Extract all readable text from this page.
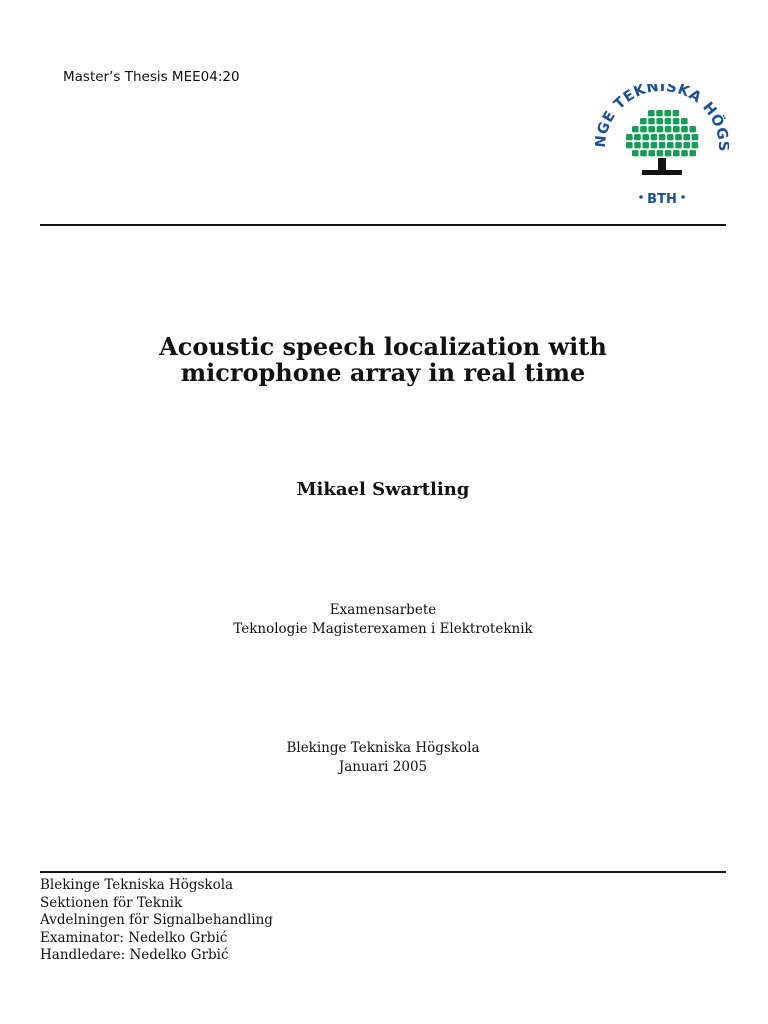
Master’s Thesis MEE04:20
GE TEKNISKA HÖG
BTH
Acoustic speech localization with
microphone array in real time
Mikael Swartling
Examensarbete
Teknologie Magisterexamen i Elektroteknik
Blekinge Tekniska Högskola
Januari 2005
Blekinge Tekniska Högskola
Sektionen för Teknik
Avdelningen för Signalbehandling
Examinator: Nedelko Grbić
Handledare: Nedelko Grbić
